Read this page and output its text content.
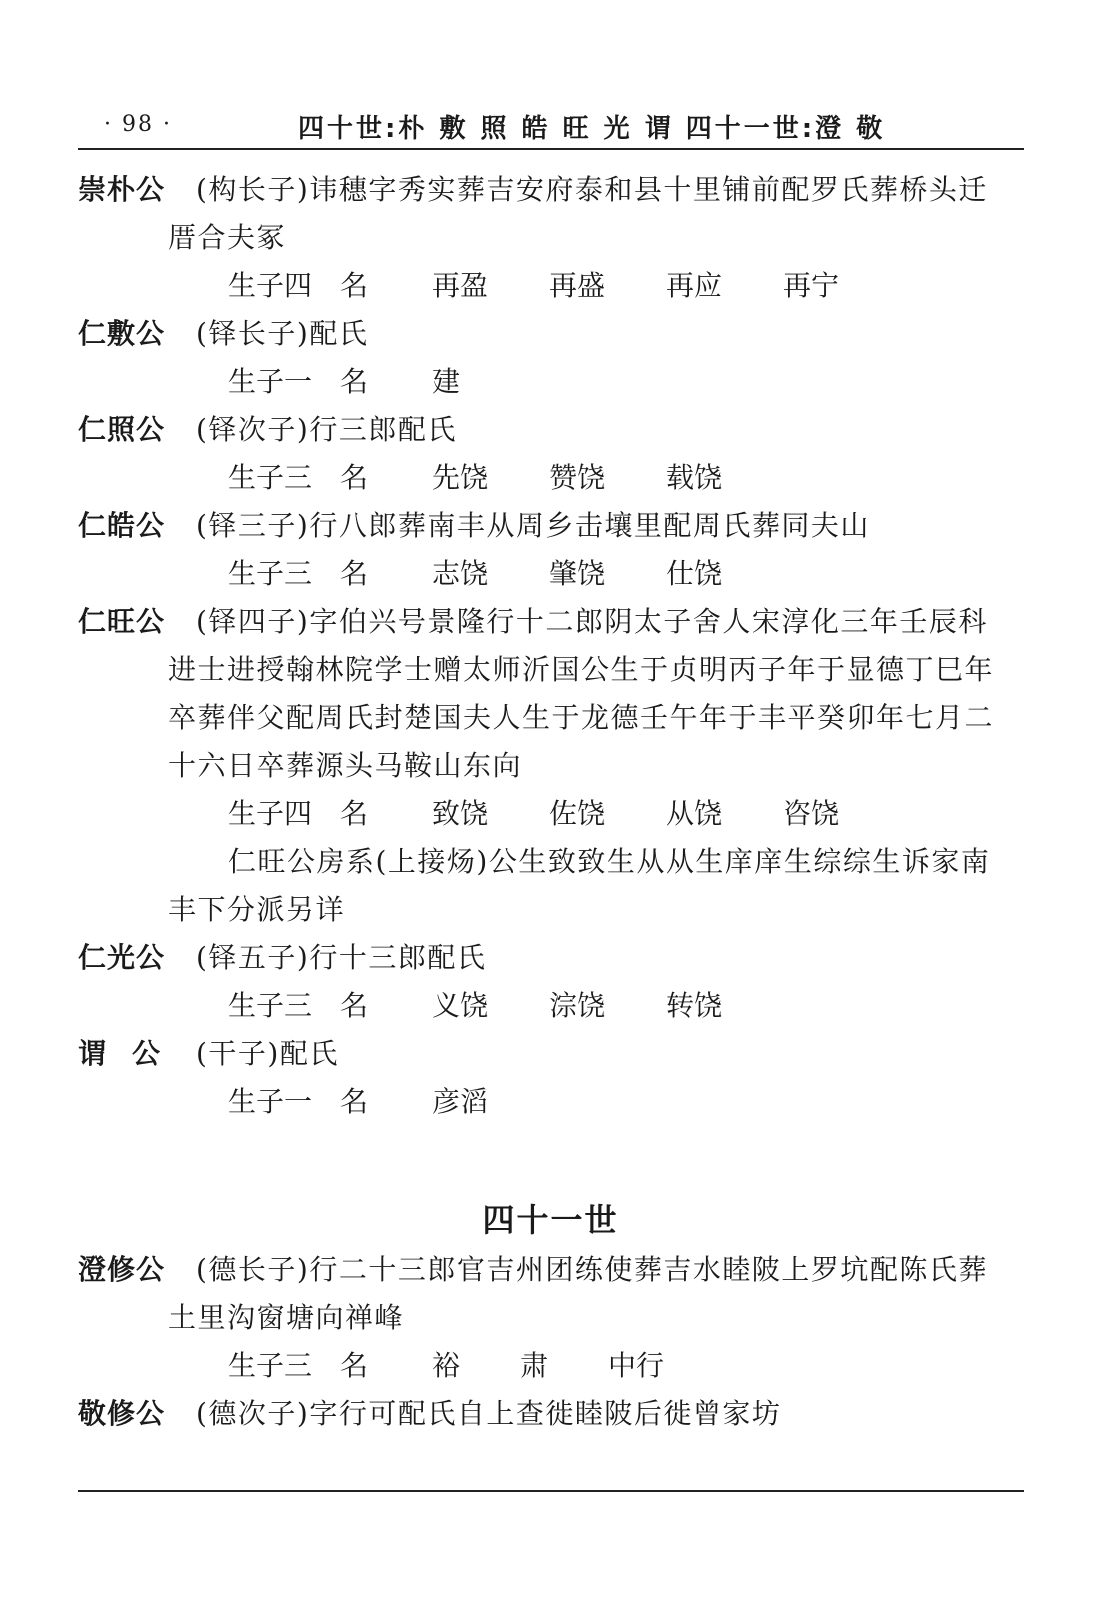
· 98 ·	四十世:朴 敷 照 皓 旺 光 谓 四十一世:澄 敬
崇朴公 (构长子)讳穗字秀实葬吉安府泰和县十里铺前配罗氏葬桥头迁
厝合夫冢
生子四　名 再盈 再盛 再应 再宁
仁敷公 (铎长子)配氏
生子一　名 建
仁照公 (铎次子)行三郎配氏
生子三　名 先饶 赞饶 载饶
仁皓公 (铎三子)行八郎葬南丰从周乡击壤里配周氏葬同夫山
生子三　名 志饶 肇饶 仕饶
仁旺公 (铎四子)字伯兴号景隆行十二郎阴太子舍人宋淳化三年壬辰科
进士进授翰林院学士赠太师沂国公生于贞明丙子年于显德丁巳年
卒葬伴父配周氏封楚国夫人生于龙德壬午年于丰平癸卯年七月二
十六日卒葬源头马鞍山东向
生子四　名 致饶 佐饶 从饶 咨饶
仁旺公房系(上接炀)公生致致生从从生庠庠生综综生诉家南
丰下分派另详
仁光公 (铎五子)行十三郎配氏
生子三　名 义饶 淙饶 转饶
谓公 (干子)配氏
生子一　名 彦滔
四十一世
澄修公 (德长子)行二十三郎官吉州团练使葬吉水睦陂上罗坑配陈氏葬
土里沟窗塘向禅峰
生子三　名 裕 肃 中行
敬修公 (德次子)字行可配氏自上查徙睦陂后徙曾家坊
